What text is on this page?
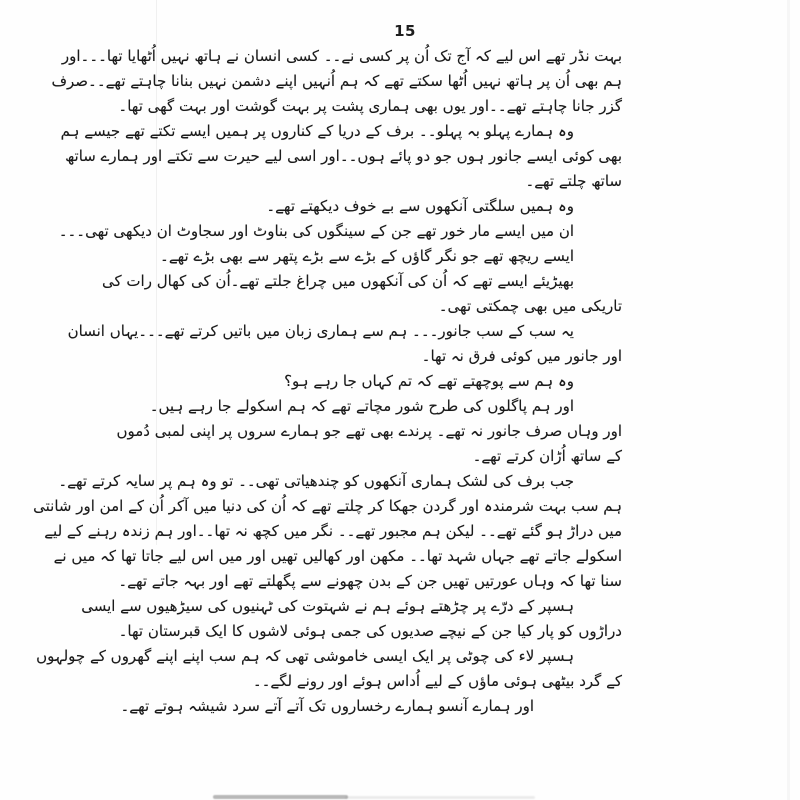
15
بہت نڈر تھے اس لیے کہ آج تک اُن پر کسی نے۔۔ کسی انسان نے ہاتھ نہیں اُٹھایا تھا۔۔۔اور
ہم بھی اُن پر ہاتھ نہیں اُٹھا سکتے تھے کہ ہم اُنہیں اپنے دشمن نہیں بنانا چاہتے تھے۔۔صرف
گزر جانا چاہتے تھے۔۔اور یوں بھی ہماری پشت پر بہت گوشت اور بہت گھی تھا۔
وہ ہمارے پہلو بہ پہلو۔۔ برف کے دریا کے کناروں پر ہمیں ایسے تکتے تھے جیسے ہم
بھی کوئی ایسے جانور ہوں جو دو پائے ہوں۔۔اور اسی لیے حیرت سے تکتے اور ہمارے ساتھ
ساتھ چلتے تھے۔
وہ ہمیں سلگتی آنکھوں سے بے خوف دیکھتے تھے۔
ان میں ایسے مار خور تھے جن کے سینگوں کی بناوٹ اور سجاوٹ ان دیکھی تھی۔۔۔
ایسے ریچھ تھے جو نگر گاؤں کے بڑے سے بڑے پتھر سے بھی بڑے تھے۔
بھیڑیئے ایسے تھے کہ اُن کی آنکھوں میں چراغ جلتے تھے۔اُن کی کھال رات کی
تاریکی میں بھی چمکتی تھی۔
یہ سب کے سب جانور۔۔۔ ہم سے ہماری زبان میں باتیں کرتے تھے۔۔۔یہاں انسان
اور جانور میں کوئی فرق نہ تھا۔
وہ ہم سے پوچھتے تھے کہ تم کہاں جا رہے ہو؟
اور ہم پاگلوں کی طرح شور مچاتے تھے کہ ہم اسکولے جا رہے ہیں۔
اور وہاں صرف جانور نہ تھے۔ پرندے بھی تھے جو ہمارے سروں پر اپنی لمبی دُموں
کے ساتھ اُڑان کرتے تھے۔
جب برف کی لشک ہماری آنکھوں کو چندھیاتی تھی۔۔ تو وہ ہم پر سایہ کرتے تھے۔
ہم سب بہت شرمندہ اور گردن جھکا کر چلتے تھے کہ اُن کی دنیا میں آکر اُن کے امن اور شانتی
میں دراڑ ہو گئے تھے۔۔ لیکن ہم مجبور تھے۔۔ نگر میں کچھ نہ تھا۔۔اور ہم زندہ رہنے کے لیے
اسکولے جاتے تھے جہاں شہد تھا۔۔ مکھن اور کھالیں تھیں اور میں اس لیے جاتا تھا کہ میں نے
سنا تھا کہ وہاں عورتیں تھیں جن کے بدن چھونے سے پگھلتے تھے اور بہہ جاتے تھے۔
ہسپر کے درّے پر چڑھتے ہوئے ہم نے شہتوت کی ٹہنیوں کی سیڑھیوں سے ایسی
دراڑوں کو پار کیا جن کے نیچے صدیوں کی جمی ہوئی لاشوں کا ایک قبرستان تھا۔
ہسپر لاء کی چوٹی پر ایک ایسی خاموشی تھی کہ ہم سب اپنے اپنے گھروں کے چولہوں
کے گرد بیٹھی ہوئی ماؤں کے لیے اُداس ہوئے اور رونے لگے۔۔
اور ہمارے آنسو ہمارے رخساروں تک آتے آتے سرد شیشہ ہوتے تھے۔
